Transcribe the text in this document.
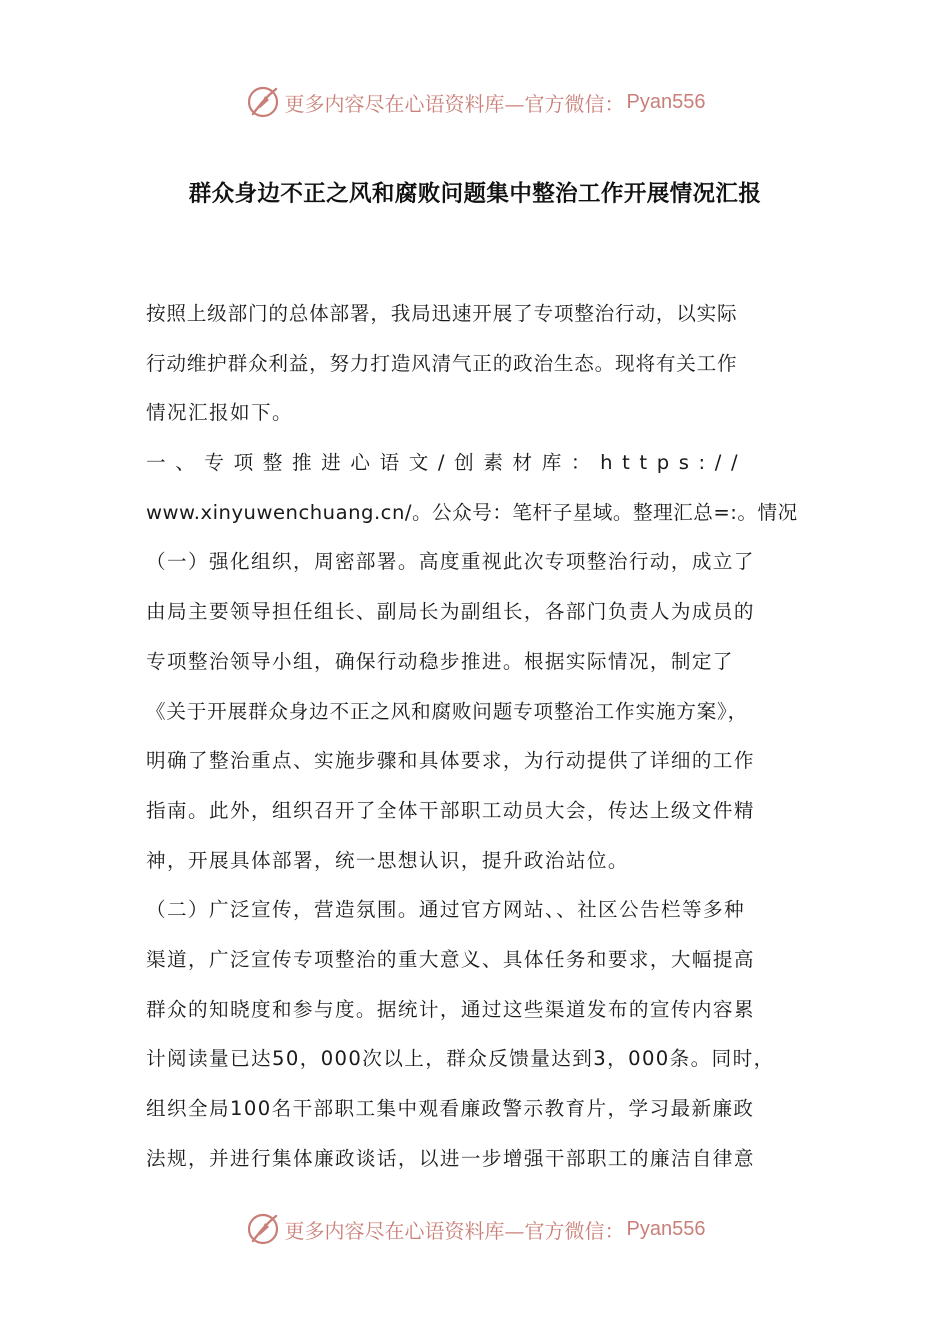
更多内容尽在心语资料库—官方微信： Pyan556
群众身边不正之风和腐败问题集中整治工作开展情况汇报
按照上级部门的总体部署，我局迅速开展了专项整治行动，以实际
行动维护群众利益，努力打造风清气正的政治生态。现将有关工作
情况汇报如下。
一、专项整推进心语文/创素材库：https://
www.xinyuwenchuang.cn/。公众号：笔杆子星域。整理汇总=:。情况
（一）强化组织，周密部署。高度重视此次专项整治行动，成立了
由局主要领导担任组长、副局长为副组长，各部门负责人为成员的
专项整治领导小组，确保行动稳步推进。根据实际情况，制定了
《关于开展群众身边不正之风和腐败问题专项整治工作实施方案》，
明确了整治重点、实施步骤和具体要求，为行动提供了详细的工作
指南。此外，组织召开了全体干部职工动员大会，传达上级文件精
神，开展具体部署，统一思想认识，提升政治站位。
（二）广泛宣传，营造氛围。通过官方网站、、社区公告栏等多种
渠道，广泛宣传专项整治的重大意义、具体任务和要求，大幅提高
群众的知晓度和参与度。据统计，通过这些渠道发布的宣传内容累
计阅读量已达50，000次以上，群众反馈量达到3，000条。同时，
组织全局100名干部职工集中观看廉政警示教育片，学习最新廉政
法规，并进行集体廉政谈话，以进一步增强干部职工的廉洁自律意
更多内容尽在心语资料库—官方微信： Pyan556
